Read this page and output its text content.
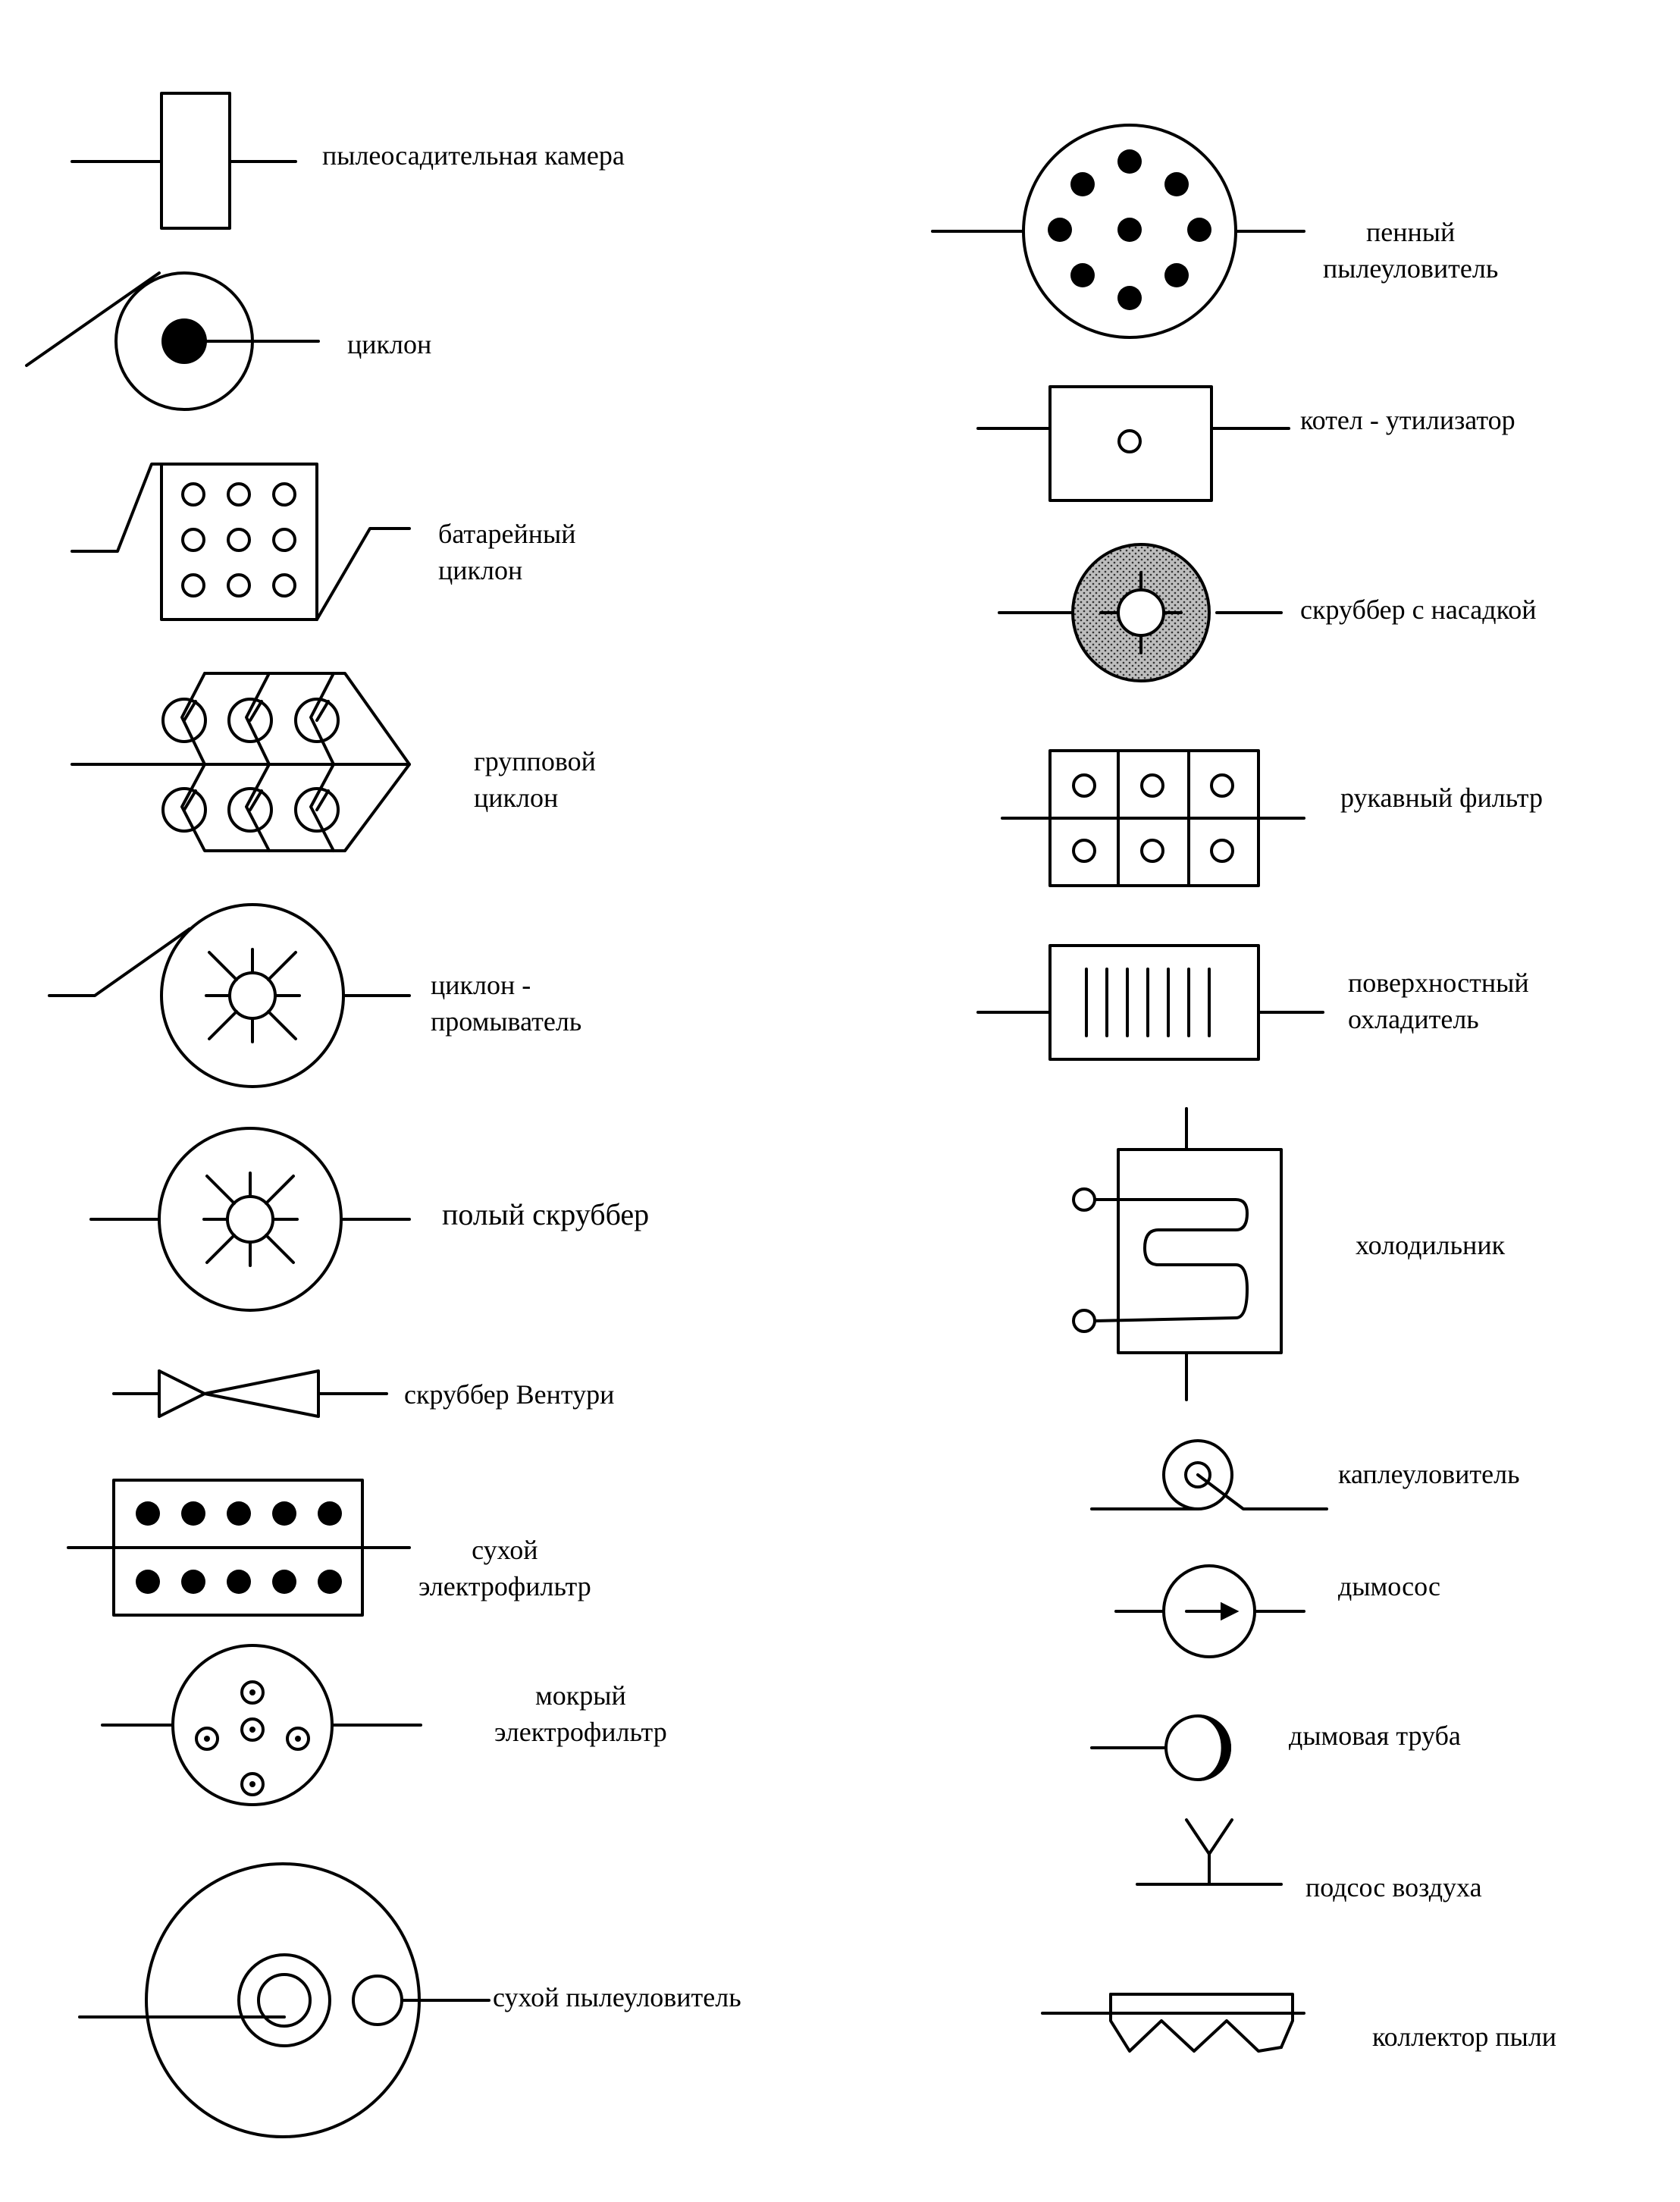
пылеосадительная камера
циклон
батарейный
циклон
групповой
циклон
циклон -
промыватель
полый скруббер
скруббер Вентури
сухой
электрофильтр
мокрый
электрофильтр
сухой пылеуловитель
пенный
пылеуловитель
котел - утилизатор
скруббер с насадкой
рукавный фильтр
поверхностный
охладитель
холодильник
каплеуловитель
дымосос
дымовая труба
подсос воздуха
коллектор пыли
